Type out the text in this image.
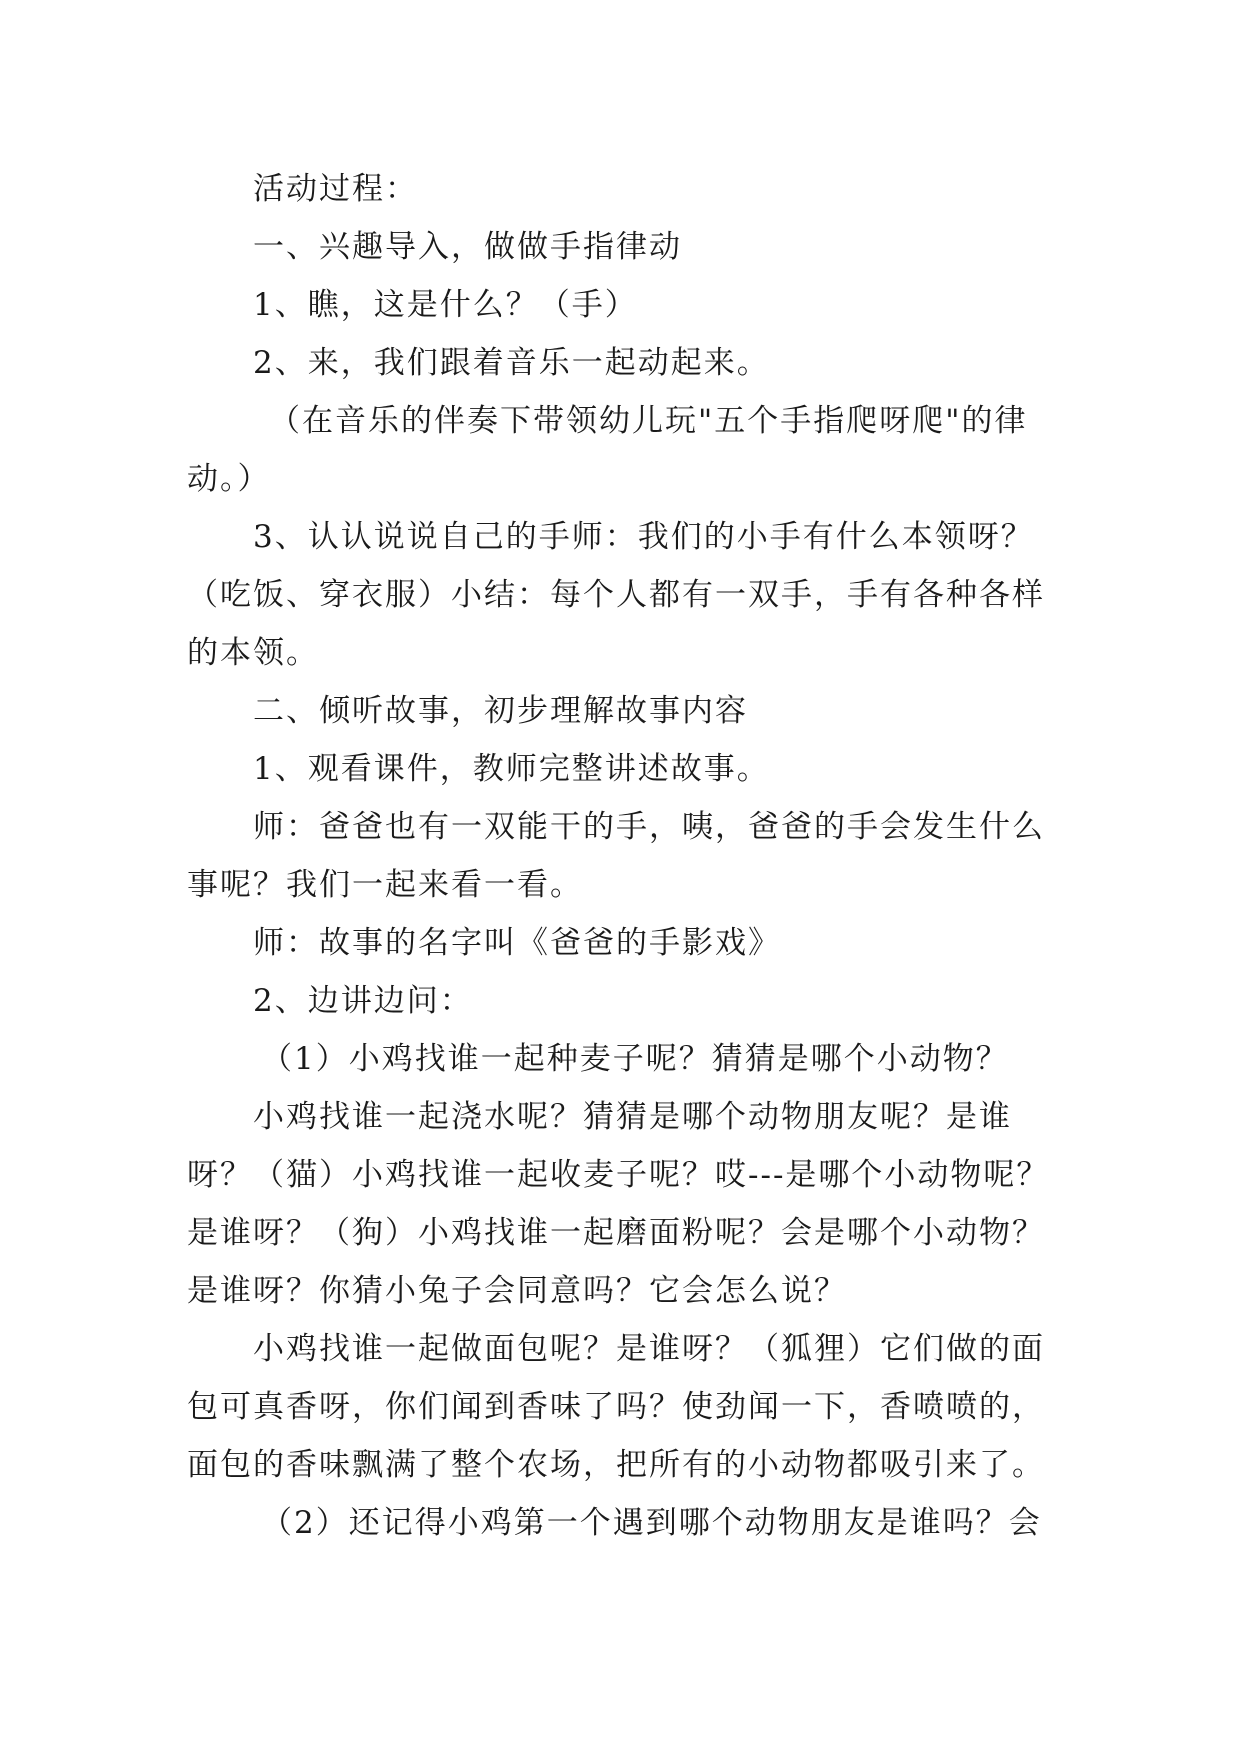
活动过程：

一、兴趣导入，做做手指律动

1、瞧，这是什么？（手）

2、来，我们跟着音乐一起动起来。

（在音乐的伴奏下带领幼儿玩"五个手指爬呀爬"的律动。）

3、认认说说自己的手师：我们的小手有什么本领呀？（吃饭、穿衣服）小结：每个人都有一双手，手有各种各样的本领。

二、倾听故事，初步理解故事内容

1、观看课件，教师完整讲述故事。

师：爸爸也有一双能干的手，咦，爸爸的手会发生什么事呢？我们一起来看一看。

师：故事的名字叫《爸爸的手影戏》

2、边讲边问：

（1）小鸡找谁一起种麦子呢？猜猜是哪个小动物？

小鸡找谁一起浇水呢？猜猜是哪个动物朋友呢？是谁呀？（猫）小鸡找谁一起收麦子呢？哎---是哪个小动物呢？是谁呀？（狗）小鸡找谁一起磨面粉呢？会是哪个小动物？是谁呀？你猜小兔子会同意吗？它会怎么说？

小鸡找谁一起做面包呢？是谁呀？（狐狸）它们做的面包可真香呀，你们闻到香味了吗？使劲闻一下，香喷喷的，面包的香味飘满了整个农场，把所有的小动物都吸引来了。

（2）还记得小鸡第一个遇到哪个动物朋友是谁吗？会
